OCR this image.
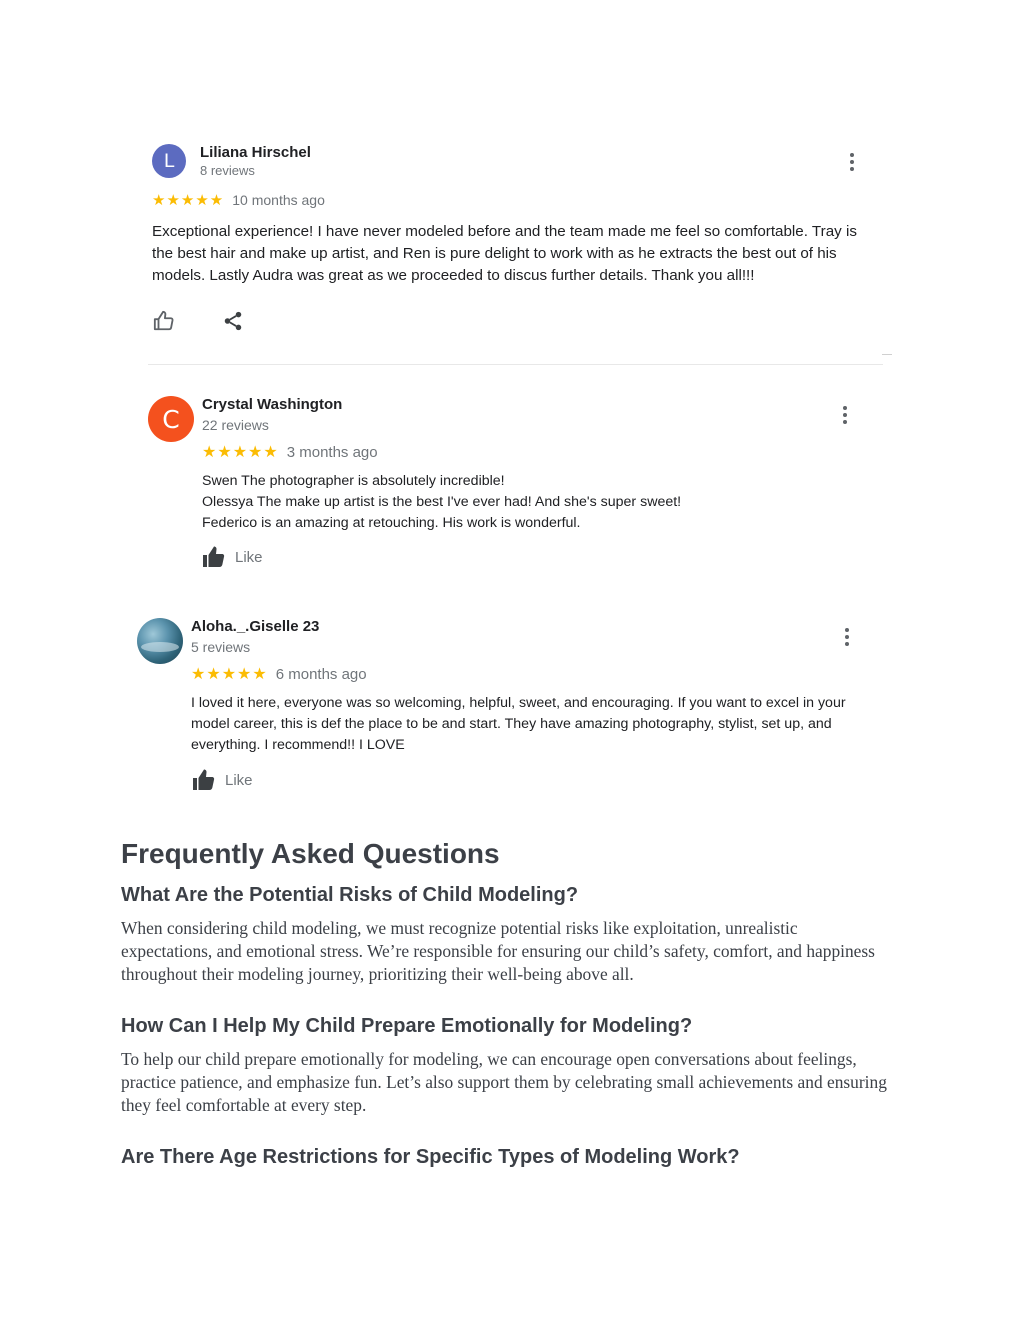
L Liliana Hirschel
8 reviews
★★★★★ 10 months ago

Exceptional experience! I have never modeled before and the team made me feel so comfortable. Tray is

the best hair and make up artist, and Ren is pure delight to work with as he extracts the best out of his

models. Lastly Audra was great as we proceeded to discus further details. Thank you all!!!

C Crystal Washington
22 reviews
★★★★★ 3 months ago

Swen The photographer is absolutely incredible!

Olessya The make up artist is the best I've ever had! And she's super sweet!

Federico is an amazing at retouching. His work is wonderful.

Like
Aloha._.Giselle 23
5 reviews
★★★★★ 6 months ago

I loved it here, everyone was so welcoming, helpful, sweet, and encouraging. If you want to excel in your

model career, this is def the place to be and start. They have amazing photography, stylist, set up, and

everything. I recommend!! I LOVE

Like
Frequently Asked Questions
What Are the Potential Risks of Child Modeling?

When considering child modeling, we must recognize potential risks like exploitation, unrealistic expectations, and emotional stress. We’re responsible for ensuring our child’s safety, comfort, and happiness throughout their modeling journey, prioritizing their well-being above all.

How Can I Help My Child Prepare Emotionally for Modeling?

To help our child prepare emotionally for modeling, we can encourage open conversations about feelings, practice patience, and emphasize fun. Let’s also support them by celebrating small achievements and ensuring they feel comfortable at every step.

Are There Age Restrictions for Specific Types of Modeling Work?
